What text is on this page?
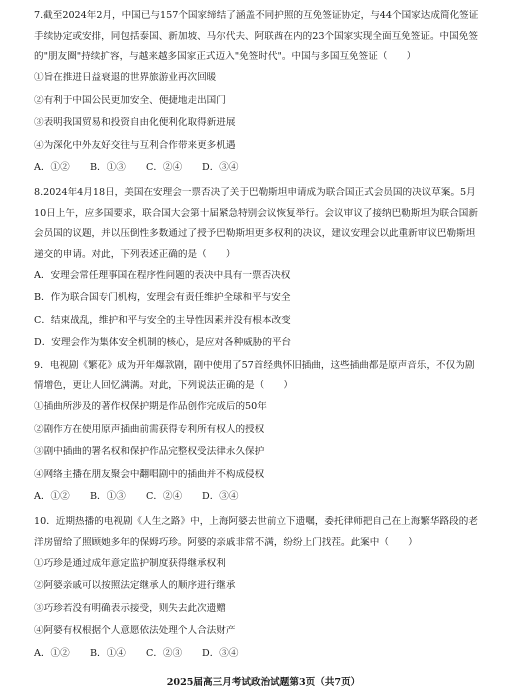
7.截至2024年2月，中国已与157个国家缔结了涵盖不同护照的互免签证协定，与44个国家达成简化签证
手续协定或安排，同包括泰国、新加坡、马尔代夫、阿联酋在内的23个国家实现全面互免签证。中国免签
的"朋友圈"持续扩容，与越来越多国家正式迈入"免签时代"。中国与多国互免签证（　　）
①旨在推进日益衰退的世界旅游业再次回暖
②有利于中国公民更加安全、便捷地走出国门
③表明我国贸易和投资自由化便利化取得新进展
④为深化中外友好交往与互利合作带来更多机遇
A．①②	B．①③	C．②④	D．③④
8.2024年4月18日，美国在安理会一票否决了关于巴勒斯坦申请成为联合国正式会员国的决议草案。5月
10日上午，应多国要求，联合国大会第十届紧急特别会议恢复举行。会议审议了接纳巴勒斯坦为联合国新
会员国的议题，并以压倒性多数通过了授予巴勒斯坦更多权利的决议，建议安理会以此重新审议巴勒斯坦
递交的申请。对此，下列表述正确的是（　　）
A．安理会常任理事国在程序性问题的表决中具有一票否决权
B．作为联合国专门机构，安理会有责任维护全球和平与安全
C．结束战乱，维护和平与安全的主导性因素并没有根本改变
D．安理会作为集体安全机制的核心，是应对各种威胁的平台
9．电视剧《繁花》成为开年爆款剧，剧中使用了57首经典怀旧插曲，这些插曲都是原声音乐，不仅为剧
情增色，更让人回忆满满。对此，下列说法正确的是（　　）
①插曲所涉及的著作权保护期是作品创作完成后的50年
②剧作方在使用原声插曲前需获得专利所有权人的授权
③剧中插曲的署名权和保护作品完整权受法律永久保护
④网络主播在朋友聚会中翻唱剧中的插曲并不构成侵权
A．①②	B．①③	C．②④	D．③④
10．近期热播的电视剧《人生之路》中，上海阿婆去世前立下遗嘱，委托律师把自己在上海繁华路段的老
洋房留给了照顾她多年的保姆巧珍。阿婆的亲戚非常不满，纷纷上门找茬。此案中（　　）
①巧珍是通过成年意定监护制度获得继承权利
②阿婆亲戚可以按照法定继承人的顺序进行继承
③巧珍若没有明确表示接受，则失去此次遗赠
④阿婆有权根据个人意愿依法处理个人合法财产
A．①②	B．①④	C．②③	D．③④
2025届高三月考试政治试题第3页（共7页）
